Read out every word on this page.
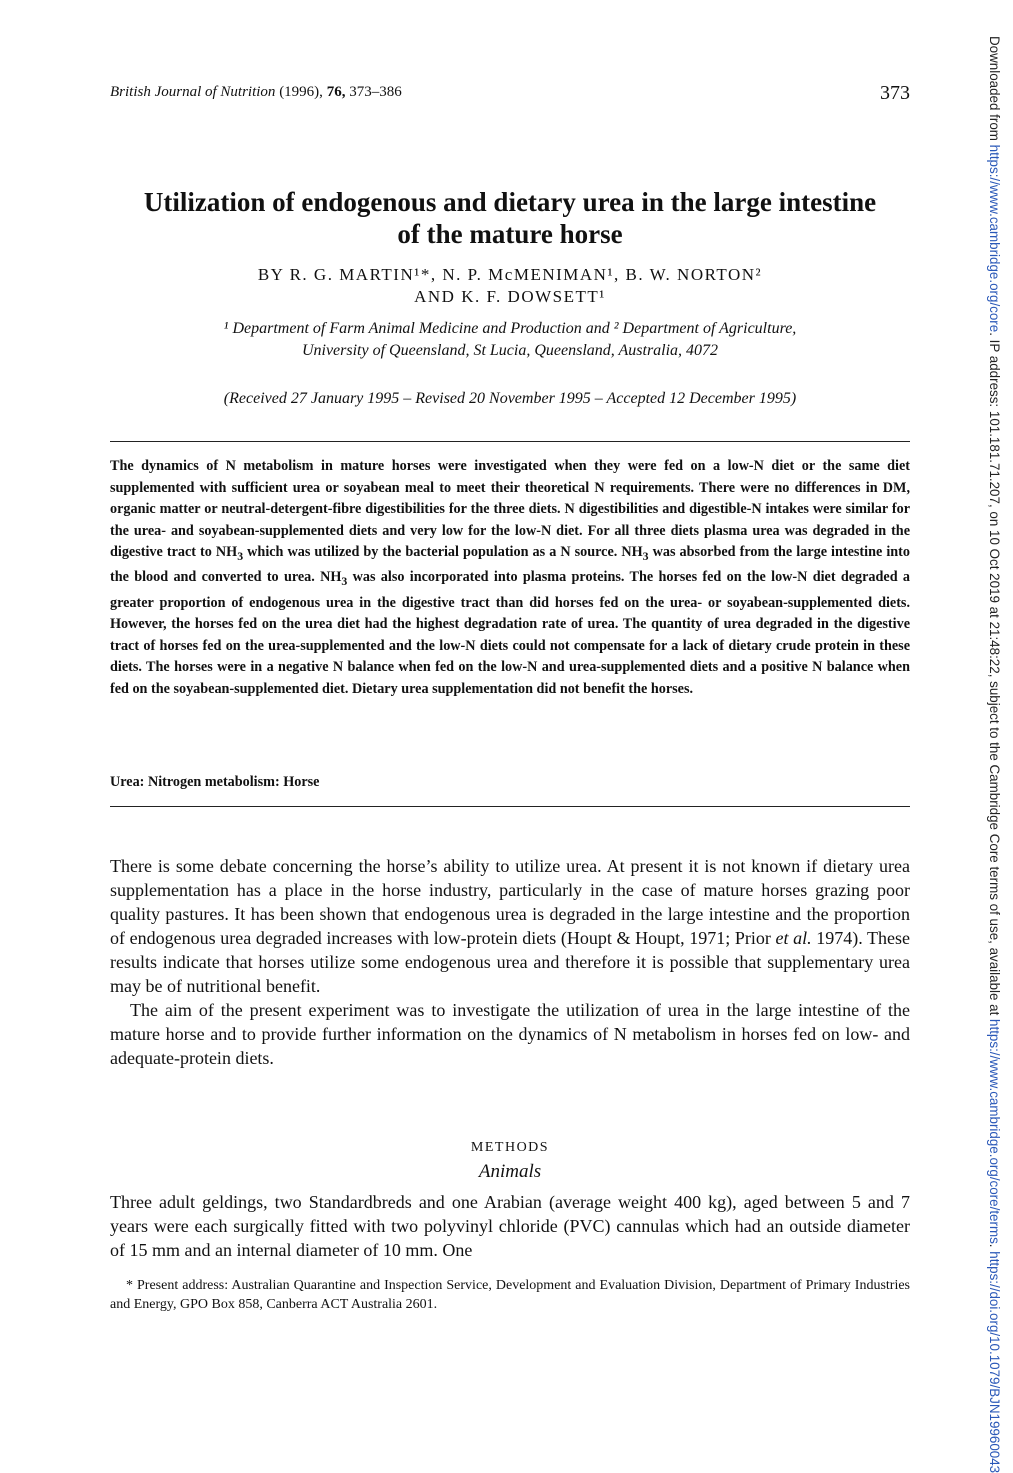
British Journal of Nutrition (1996), 76, 373–386	373
Utilization of endogenous and dietary urea in the large intestine
of the mature horse
BY R. G. MARTIN¹*, N. P. McMENIMAN¹, B. W. NORTON²
AND K. F. DOWSETT¹
¹ Department of Farm Animal Medicine and Production and ² Department of Agriculture,
University of Queensland, St Lucia, Queensland, Australia, 4072
(Received 27 January 1995 – Revised 20 November 1995 – Accepted 12 December 1995)
The dynamics of N metabolism in mature horses were investigated when they were fed on a low-N diet or the same diet supplemented with sufficient urea or soyabean meal to meet their theoretical N requirements. There were no differences in DM, organic matter or neutral-detergent-fibre digestibilities for the three diets. N digestibilities and digestible-N intakes were similar for the urea- and soyabean-supplemented diets and very low for the low-N diet. For all three diets plasma urea was degraded in the digestive tract to $NH_3$ which was utilized by the bacterial population as a N source. $NH_3$ was absorbed from the large intestine into the blood and converted to urea. $NH_3$ was also incorporated into plasma proteins. The horses fed on the low-N diet degraded a greater proportion of endogenous urea in the digestive tract than did horses fed on the urea- or soyabean-supplemented diets. However, the horses fed on the urea diet had the highest degradation rate of urea. The quantity of urea degraded in the digestive tract of horses fed on the urea-supplemented and the low-N diets could not compensate for a lack of dietary crude protein in these diets. The horses were in a negative N balance when fed on the low-N and urea-supplemented diets and a positive N balance when fed on the soyabean-supplemented diet. Dietary urea supplementation did not benefit the horses.
Urea: Nitrogen metabolism: Horse

There is some debate concerning the horse’s ability to utilize urea. At present it is not known if dietary urea supplementation has a place in the horse industry, particularly in the case of mature horses grazing poor quality pastures. It has been shown that endogenous urea is degraded in the large intestine and the proportion of endogenous urea degraded increases with low-protein diets (Houpt & Houpt, 1971; Prior et al. 1974). These results indicate that horses utilize some endogenous urea and therefore it is possible that supplementary urea may be of nutritional benefit.

The aim of the present experiment was to investigate the utilization of urea in the large intestine of the mature horse and to provide further information on the dynamics of N metabolism in horses fed on low- and adequate-protein diets.

METHODS
Animals

Three adult geldings, two Standardbreds and one Arabian (average weight 400 kg), aged between 5 and 7 years were each surgically fitted with two polyvinyl chloride (PVC) cannulas which had an outside diameter of 15 mm and an internal diameter of 10 mm. One

* Present address: Australian Quarantine and Inspection Service, Development and Evaluation Division, Department of Primary Industries and Energy, GPO Box 858, Canberra ACT Australia 2601.

Downloaded from https://www.cambridge.org/core. IP address: 101.181.71.207, on 10 Oct 2019 at 21:48:22, subject to the Cambridge Core terms of use, available at https://www.cambridge.org/core/terms. https://doi.org/10.1079/BJN19960043
